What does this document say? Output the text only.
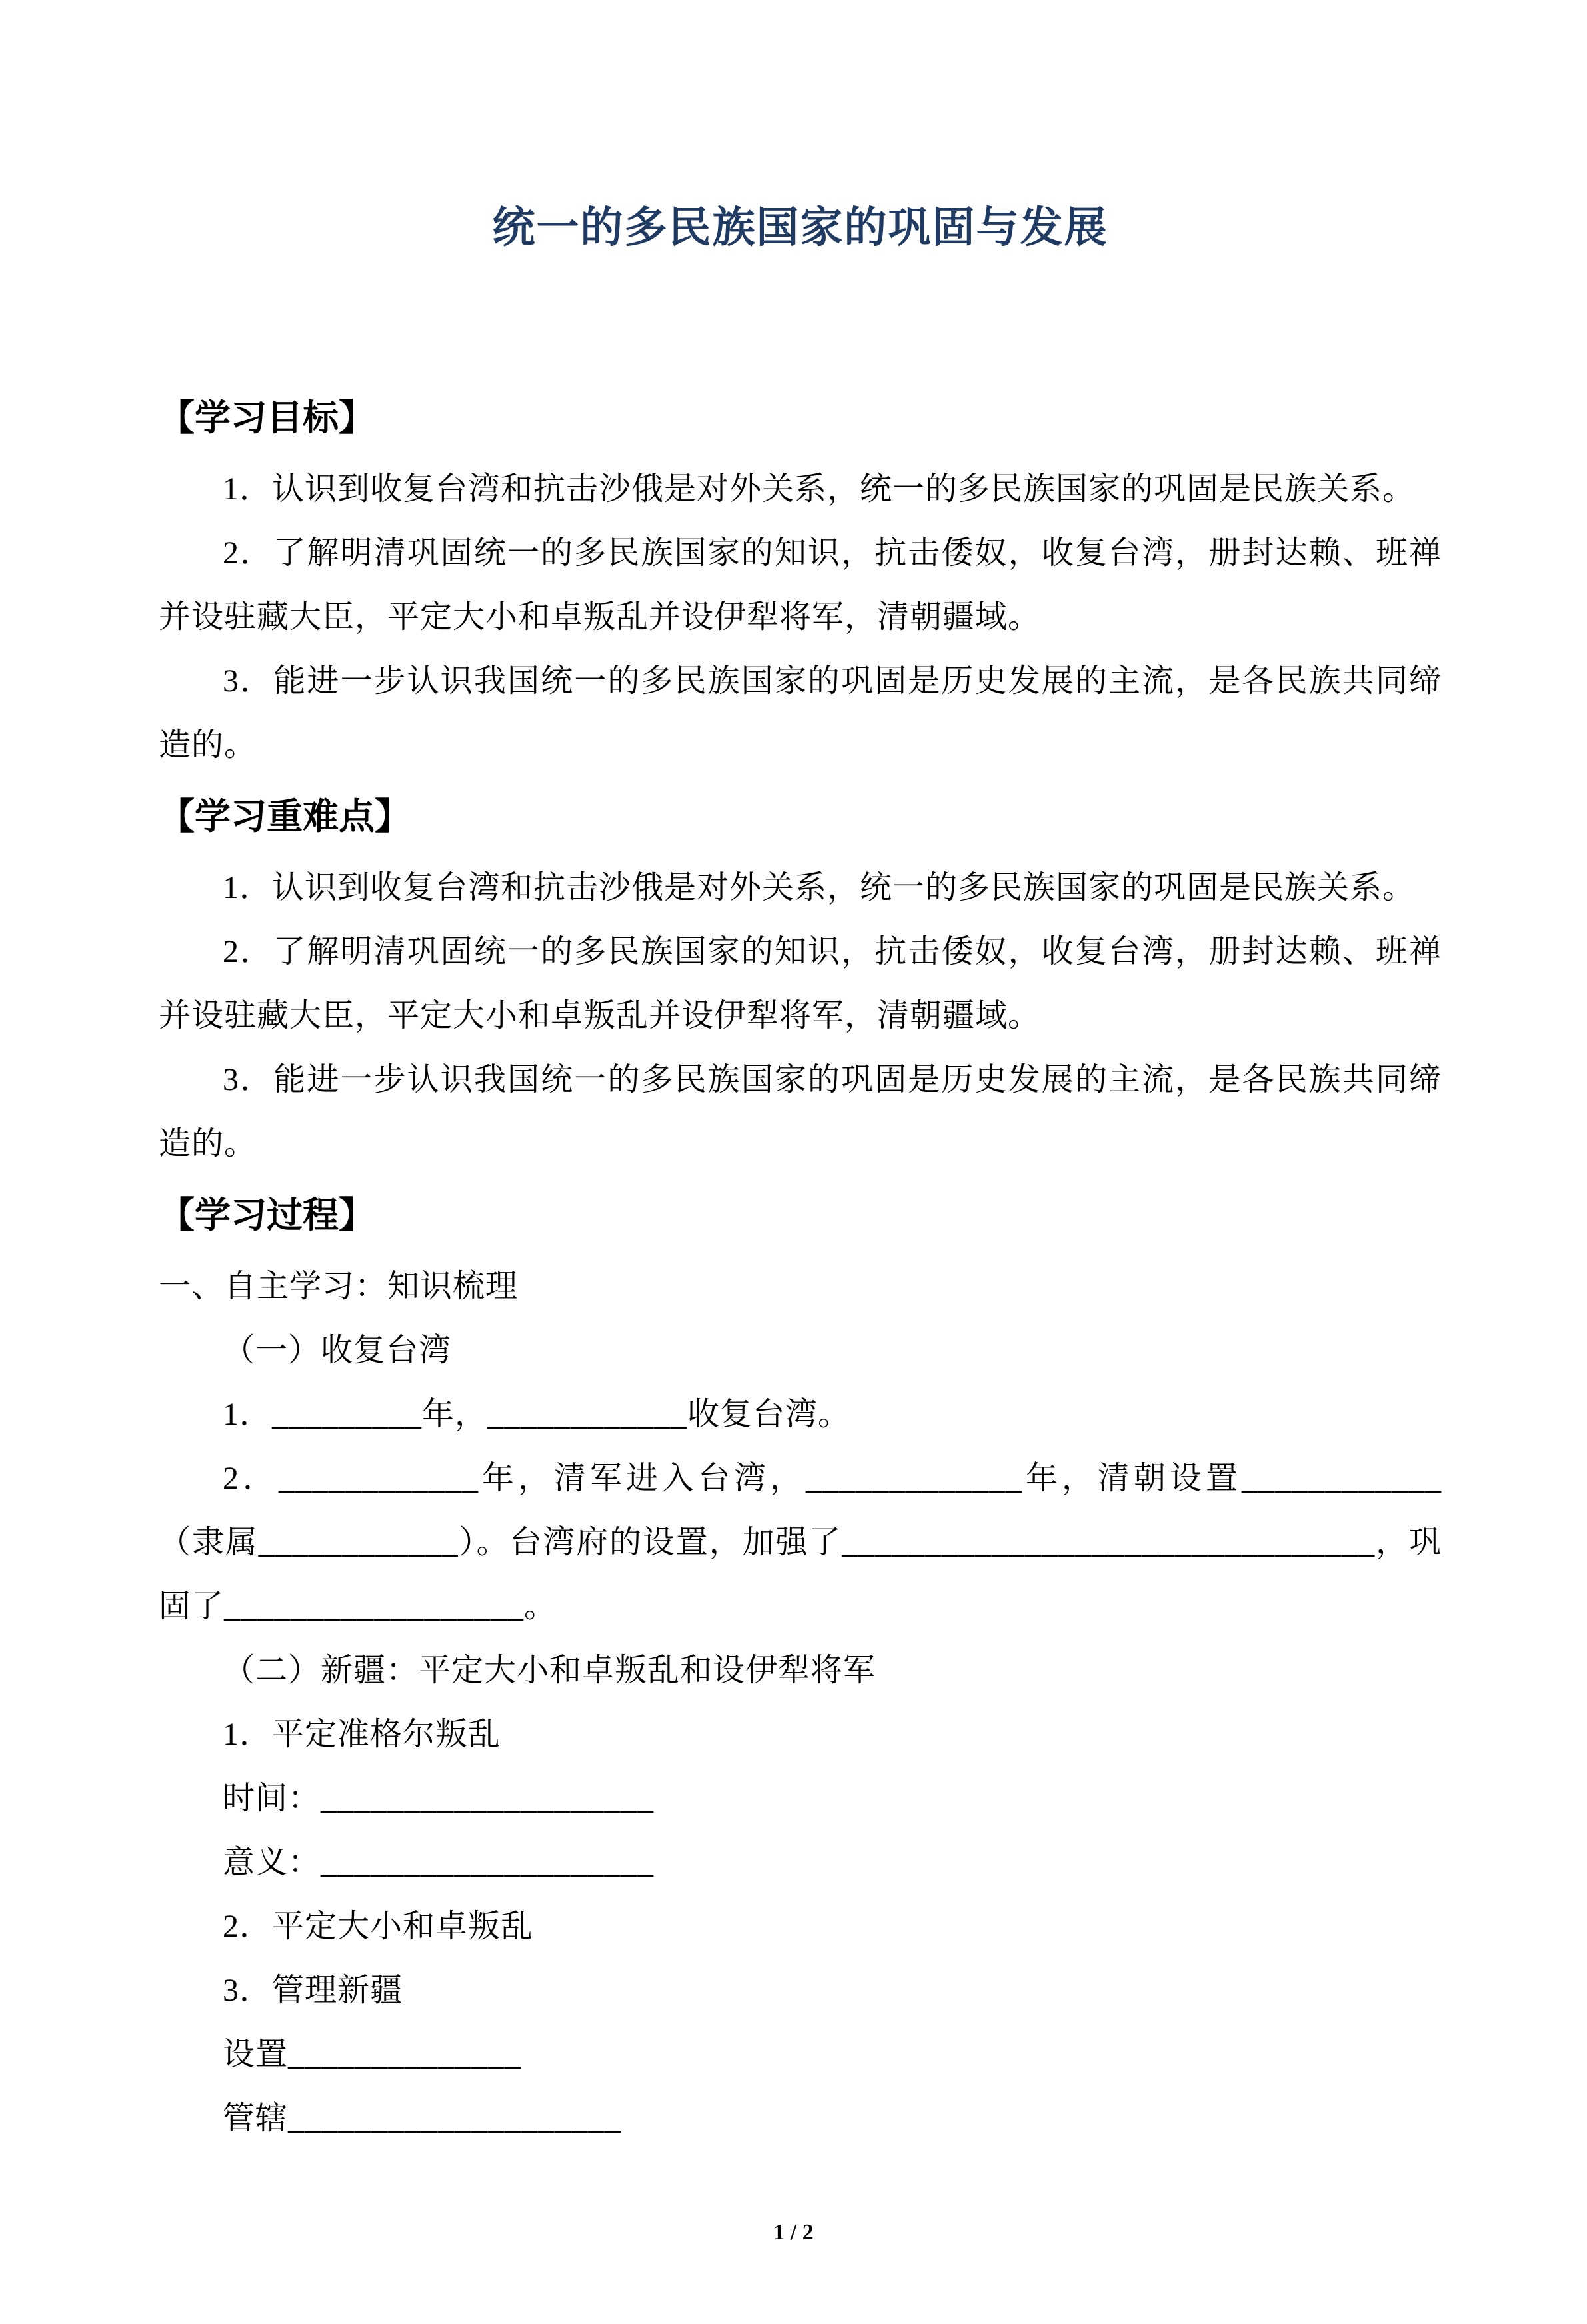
统一的多民族国家的巩固与发展
【学习目标】

1．认识到收复台湾和抗击沙俄是对外关系，统一的多民族国家的巩固是民族关系。

2．了解明清巩固统一的多民族国家的知识，抗击倭奴，收复台湾，册封达赖、班禅并设驻藏大臣，平定大小和卓叛乱并设伊犁将军，清朝疆域。

3．能进一步认识我国统一的多民族国家的巩固是历史发展的主流，是各民族共同缔造的。

【学习重难点】

1．认识到收复台湾和抗击沙俄是对外关系，统一的多民族国家的巩固是民族关系。

2．了解明清巩固统一的多民族国家的知识，抗击倭奴，收复台湾，册封达赖、班禅并设驻藏大臣，平定大小和卓叛乱并设伊犁将军，清朝疆域。

3．能进一步认识我国统一的多民族国家的巩固是历史发展的主流，是各民族共同缔造的。

【学习过程】

一、自主学习：知识梳理

（一）收复台湾

1．_________年，____________收复台湾。

2．____________年，清军进入台湾，_____________年，清朝设置____________（隶属____________）。台湾府的设置，加强了________________________________，巩固了__________________。

（二）新疆：平定大小和卓叛乱和设伊犁将军

1．平定准格尔叛乱

时间：____________________

意义：____________________

2．平定大小和卓叛乱

3．管理新疆

设置______________

管辖____________________

1 / 2
